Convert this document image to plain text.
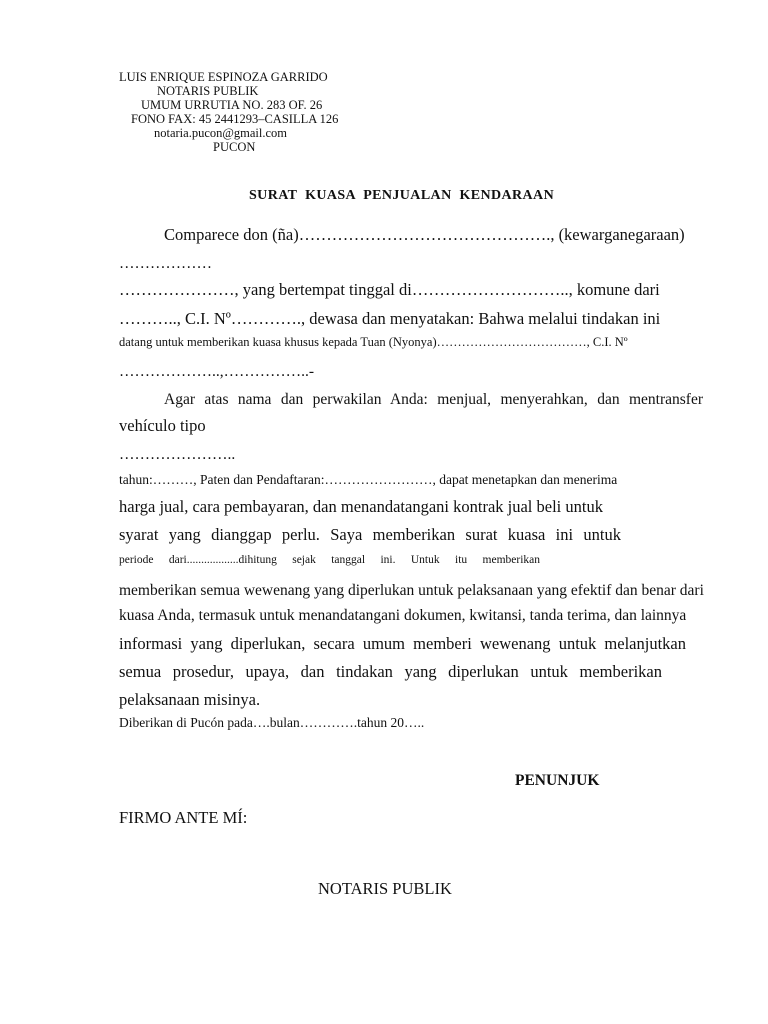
LUIS ENRIQUE ESPINOZA GARRIDO
NOTARIS PUBLIK
UMUM URRUTIA NO. 283 OF. 26
FONO FAX: 45 2441293–CASILLA 126
notaria.pucon@gmail.com
PUCON
SURAT KUASA PENJUALAN KENDARAAN
Comparece don (ña)………………………………………., (kewarganegaraan)
………………
…………………, yang bertempat tinggal di……………………….., komune dari
……….., C.I. Nº…………., dewasa dan menyatakan: Bahwa melalui tindakan ini
datang untuk memberikan kuasa khusus kepada Tuan (Nyonya)………………………………, C.I. Nº
………………..,……………..-
Agar atas nama dan perwakilan Anda: menjual, menyerahkan, dan mentransfer
vehículo tipo
…………………..
tahun:………, Paten dan Pendaftaran:……………………, dapat menetapkan dan menerima
harga jual, cara pembayaran, dan menandatangani kontrak jual beli untuk
syarat yang dianggap perlu. Saya memberikan surat kuasa ini untuk
periode dari..................dihitung sejak tanggal ini. Untuk itu memberikan
memberikan semua wewenang yang diperlukan untuk pelaksanaan yang efektif dan benar dari
kuasa Anda, termasuk untuk menandatangani dokumen, kwitansi, tanda terima, dan lainnya
informasi yang diperlukan, secara umum memberi wewenang untuk melanjutkan
semua prosedur, upaya, dan tindakan yang diperlukan untuk memberikan
pelaksanaan misinya.
Diberikan di Pucón pada….bulan………….tahun 20…..
PENUNJUK
FIRMO ANTE MÍ:
NOTARIS PUBLIK
